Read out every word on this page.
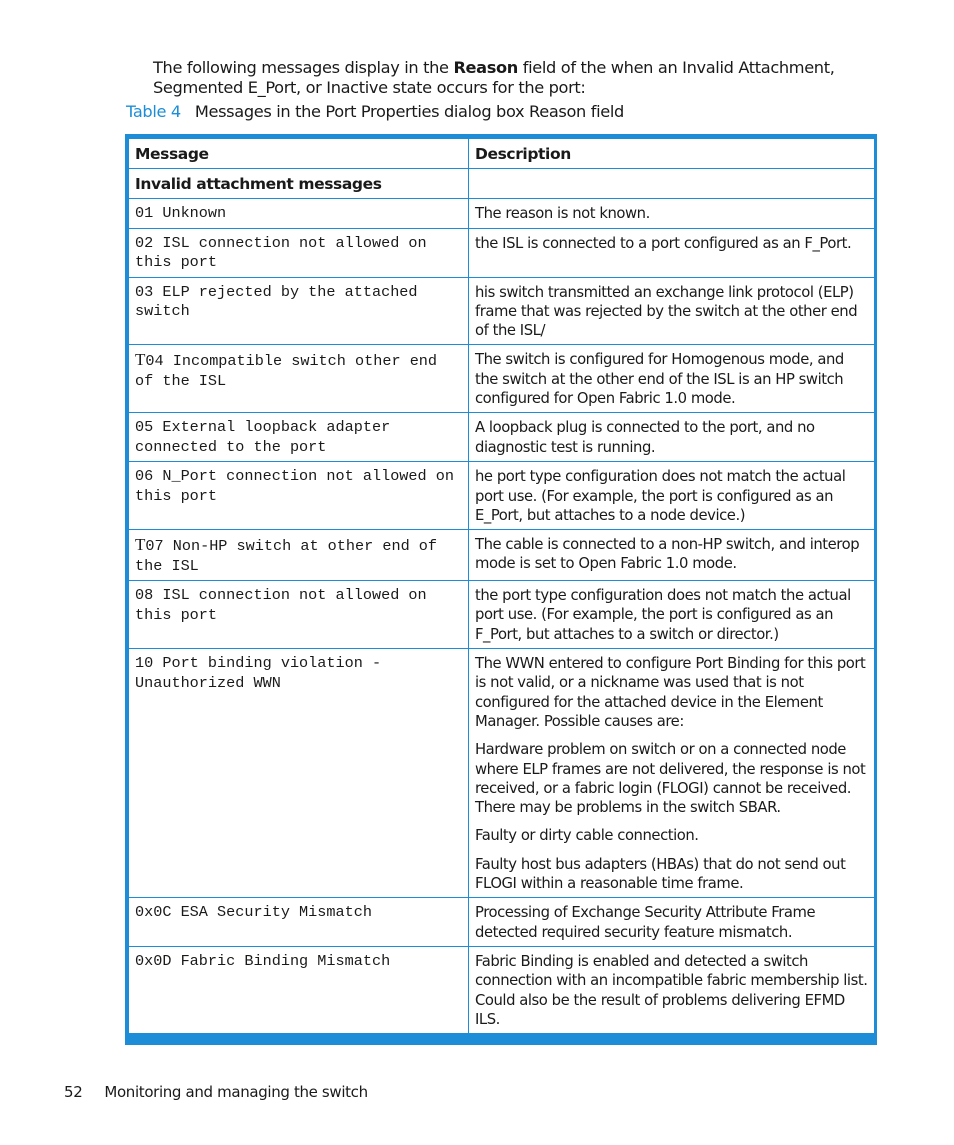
The following messages display in the Reason field of the when an Invalid Attachment, Segmented E_Port, or Inactive state occurs for the port:
Table 4 Messages in the Port Properties dialog box Reason field
Message	Description
Invalid attachment messages	
01 Unknown	The reason is not known.

02 ISL connection not allowed on this port	the ISL is connected to a port configured as an F_Port.

03 ELP rejected by the attached switch	his switch transmitted an exchange link protocol (ELP) frame that was rejected by the switch at the other end of the ISL/

T04 Incompatible switch other end of the ISL	The switch is configured for Homogenous mode, and the switch at the other end of the ISL is an HP switch configured for Open Fabric 1.0 mode.

05 External loopback adapter connected to the port	A loopback plug is connected to the port, and no diagnostic test is running.

06 N_Port connection not allowed on this port	he port type configuration does not match the actual port use. (For example, the port is configured as an E_Port, but attaches to a node device.)

T07 Non-HP switch at other end of the ISL	The cable is connected to a non-HP switch, and interop mode is set to Open Fabric 1.0 mode.

08 ISL connection not allowed on this port	the port type configuration does not match the actual port use. (For example, the port is configured as an F_Port, but attaches to a switch or director.)

10 Port binding violation - Unauthorized WWN	The WWN entered to configure Port Binding for this port is not valid, or a nickname was used that is not configured for the attached device in the Element Manager. Possible causes are:

Hardware problem on switch or on a connected node where ELP frames are not delivered, the response is not received, or a fabric login (FLOGI) cannot be received. There may be problems in the switch SBAR.

Faulty or dirty cable connection.

Faulty host bus adapters (HBAs) that do not send out FLOGI within a reasonable time frame.

0x0C ESA Security Mismatch	Processing of Exchange Security Attribute Frame detected required security feature mismatch.

0x0D Fabric Binding Mismatch	Fabric Binding is enabled and detected a switch connection with an incompatible fabric membership list. Could also be the result of problems delivering EFMD ILS.

52 Monitoring and managing the switch
